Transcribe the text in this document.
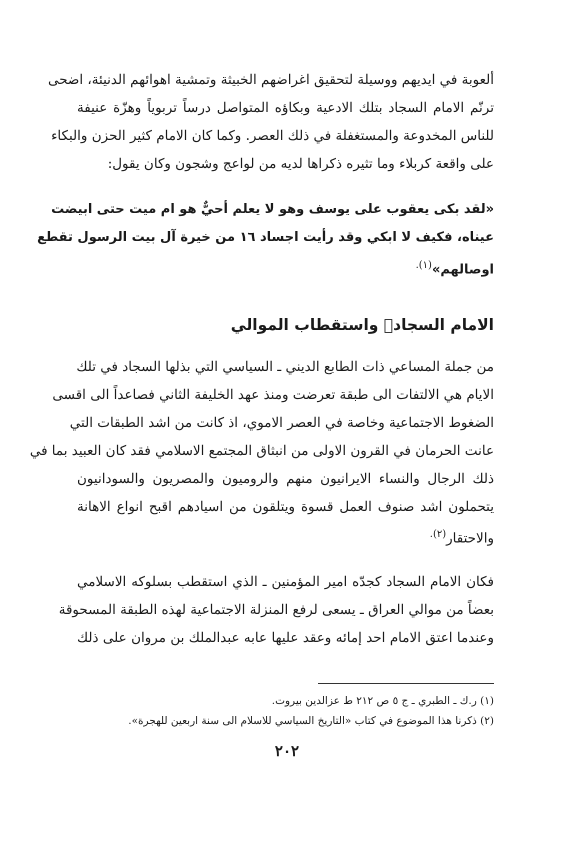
ألعوبة في ايديهم ووسيلة لتحقيق اغراضهم الخبيثة وتمشية اهوائهم الدنيئة، اضحى
ترنّم الامام السجاد بتلك الادعية وبكاؤه المتواصل درساً تربوياً وهزّة عنيفة
للناس المخدوعة والمستغفلة في ذلك العصر. وكما كان الامام كثير الحزن والبكاء
على واقعة كربلاء وما تثيره ذكراها لديه من لواعج وشجون وكان يقول:
«لقد بكى يعقوب على يوسف وهو لا يعلم أحيٌّ هو ام ميت حتى ابيضت
عيناه، فكيف لا ابكي وقد رأيت اجساد ١٦ من خيرة آل بيت الرسول تقطع
اوصالهم»$^{(١).}$
الامام السجادؑ واستقطاب الموالي
من جملة المساعي ذات الطابع الديني ـ السياسي التي بذلها السجاد في تلك
الايام هي الالتفات الى طبقة تعرضت ومنذ عهد الخليفة الثاني فصاعداً الى اقسى
الضغوط الاجتماعية وخاصة في العصر الاموي، اذ كانت من اشد الطبقات التي
عانت الحرمان في القرون الاولى من انبثاق المجتمع الاسلامي فقد كان العبيد بما في
ذلك الرجال والنساء الايرانيون منهم والروميون والمصريون والسودانيون
يتحملون اشد صنوف العمل قسوة ويتلقون من اسيادهم اقبح انواع الاهانة
والاحتقار$^{(٢).}$
فكان الامام السجاد كجدّه امير المؤمنين ـ الذي استقطب بسلوكه الاسلامي
بعضاً من موالي العراق ـ يسعى لرفع المنزلة الاجتماعية لهذه الطبقة المسحوقة
وعندما اعتق الامام احد إمائه وعقد عليها عابه عبدالملك بن مروان على ذلك
(١) ر.ك ـ الطبري ـ ج ٥ ص ٢١٢ ط عزالدين بيروت.
(٢) ذكرنا هذا الموضوع في كتاب «التاريخ السياسي للاسلام الى سنة اربعين للهجرة».
٢٠٢
